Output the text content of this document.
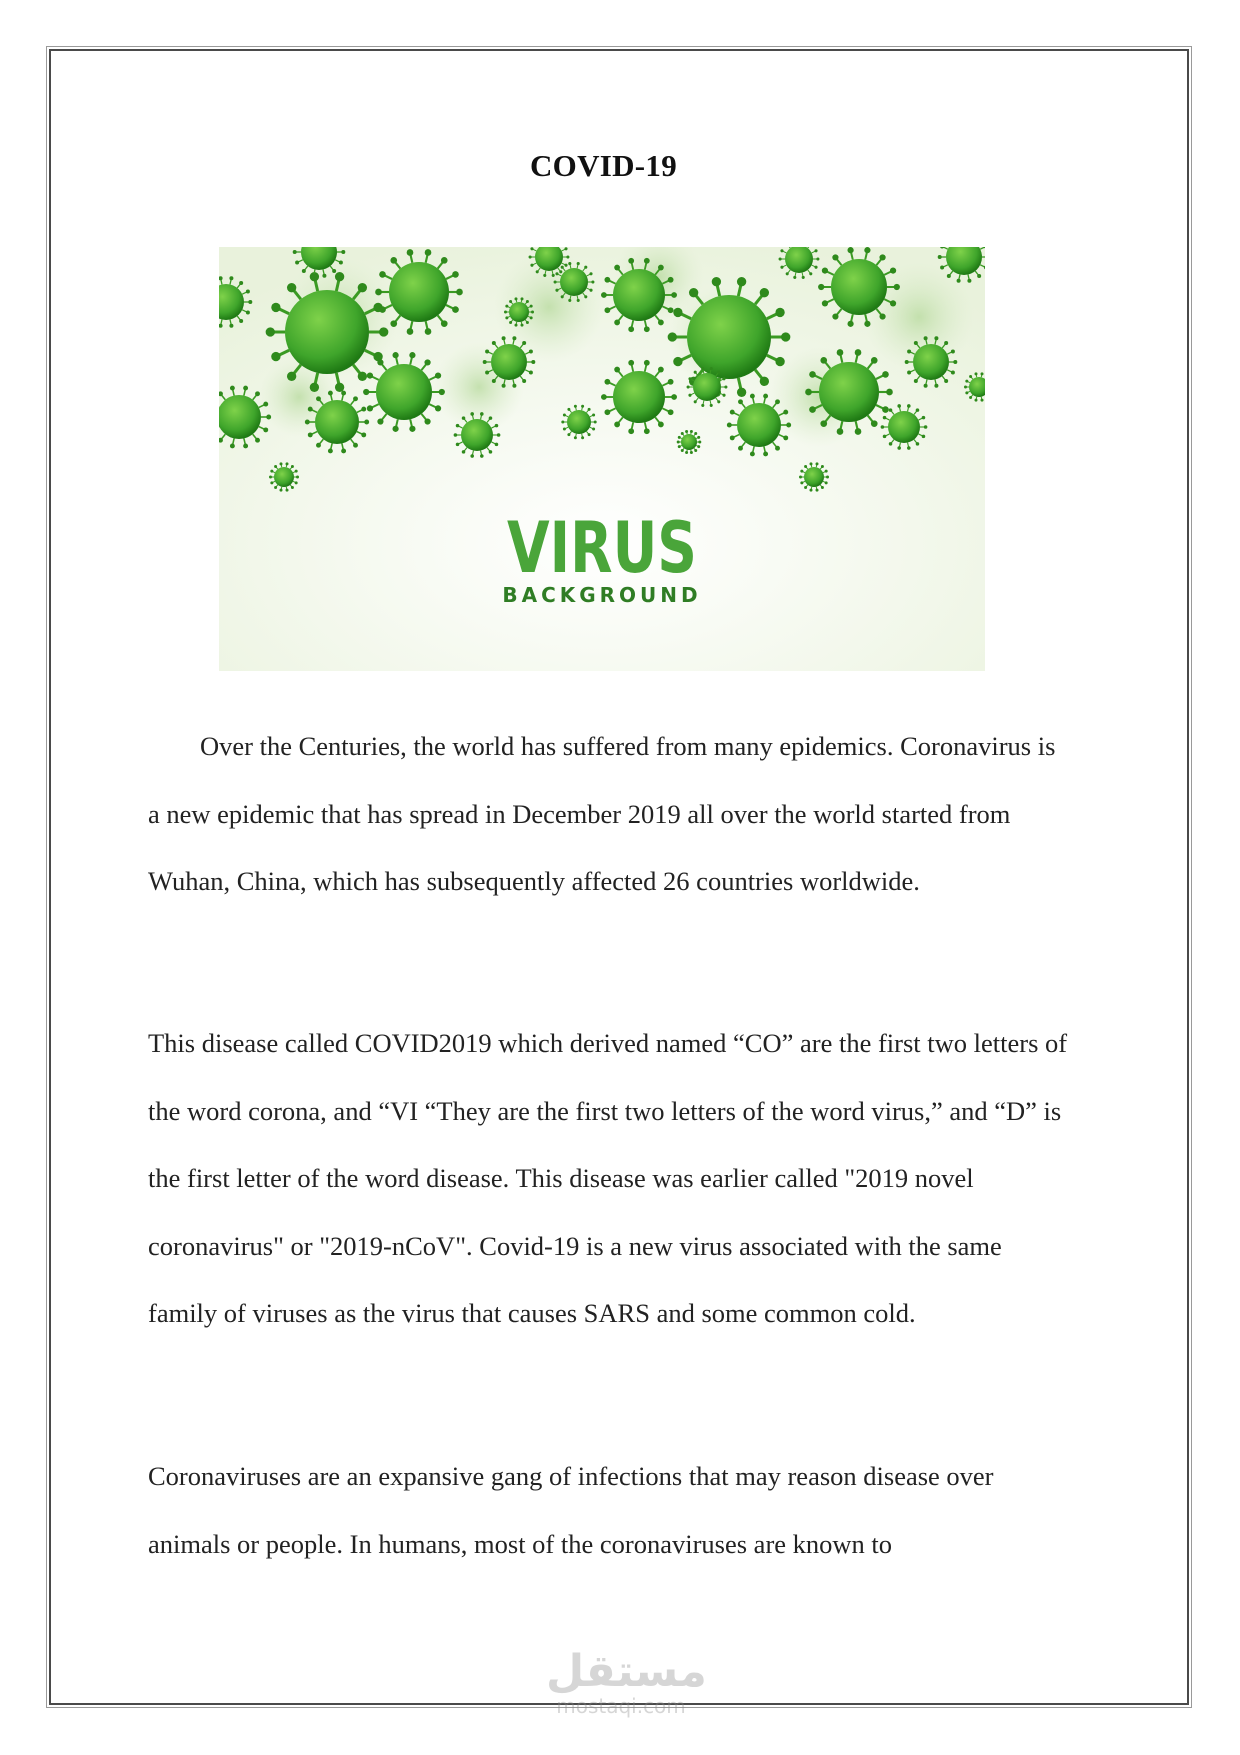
COVID-19
VIRUS
BACKGROUND

Over the Centuries, the world has suffered from many epidemics. Coronavirus is a new epidemic that has spread in December 2019 all over the world started from Wuhan, China, which has subsequently affected 26 countries worldwide.

This disease called COVID2019 which derived named “CO” are the first two letters of the word corona, and “VI “They are the first two letters of the word virus,” and “D” is the first letter of the word disease. This disease was earlier called "2019 novel coronavirus" or "2019-nCoV". Covid-19 is a new virus associated with the same family of viruses as the virus that causes SARS and some common cold.

Coronaviruses are an expansive gang of infections that may reason disease over animals or people. In humans, most of the coronaviruses are known to

مستقل
mostaqi.com
